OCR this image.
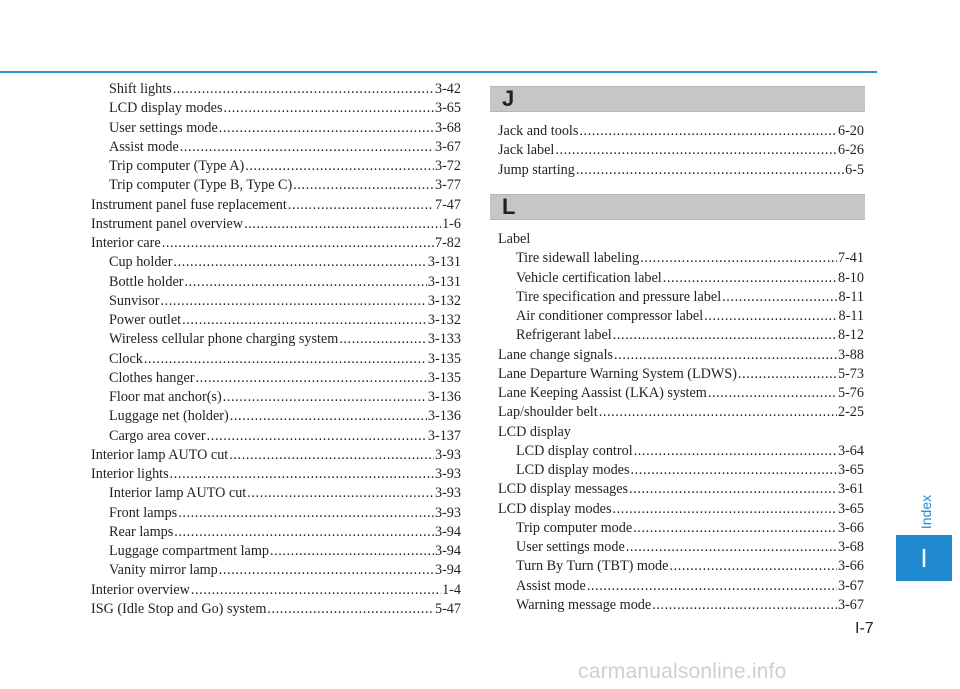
Shift lights .....	3-42
LCD display modes .....	3-65
User settings mode .....	3-68
Assist mode .....	3-67
Trip computer (Type A) .....	3-72
Trip computer (Type B, Type C) .....	3-77
Instrument panel fuse replacement .....	7-47
Instrument panel overview .....	1-6
Interior care .....	7-82
Cup holder .....	3-131
Bottle holder .....	3-131
Sunvisor .....	3-132
Power outlet .....	3-132
Wireless cellular phone charging system .....	3-133
Clock .....	3-135
Clothes hanger .....	3-135
Floor mat anchor(s) .....	3-136
Luggage net (holder) .....	3-136
Cargo area cover .....	3-137
Interior lamp AUTO cut .....	3-93
Interior lights .....	3-93
Interior lamp AUTO cut .....	3-93
Front lamps .....	3-93
Rear lamps .....	3-94
Luggage compartment lamp .....	3-94
Vanity mirror lamp .....	3-94
Interior overview .....	1-4
ISG (Idle Stop and Go) system .....	5-47
J
Jack and tools .....	6-20
Jack label .....	6-26
Jump starting .....	6-5
L
Label
Tire sidewall labeling .....	7-41
Vehicle certification label .....	8-10
Tire specification and pressure label .....	8-11
Air conditioner compressor label .....	8-11
Refrigerant label .....	8-12
Lane change signals .....	3-88
Lane Departure Warning System (LDWS) .....	5-73
Lane Keeping Aassist (LKA) system .....	5-76
Lap/shoulder belt .....	2-25
LCD display
LCD display control .....	3-64
LCD display modes .....	3-65
LCD display messages .....	3-61
LCD display modes .....	3-65
Trip computer mode .....	3-66
User settings mode .....	3-68
Turn By Turn (TBT) mode .....	3-66
Assist mode .....	3-67
Warning message mode .....	3-67
Index
I
I-7
carmanualsonline.info
